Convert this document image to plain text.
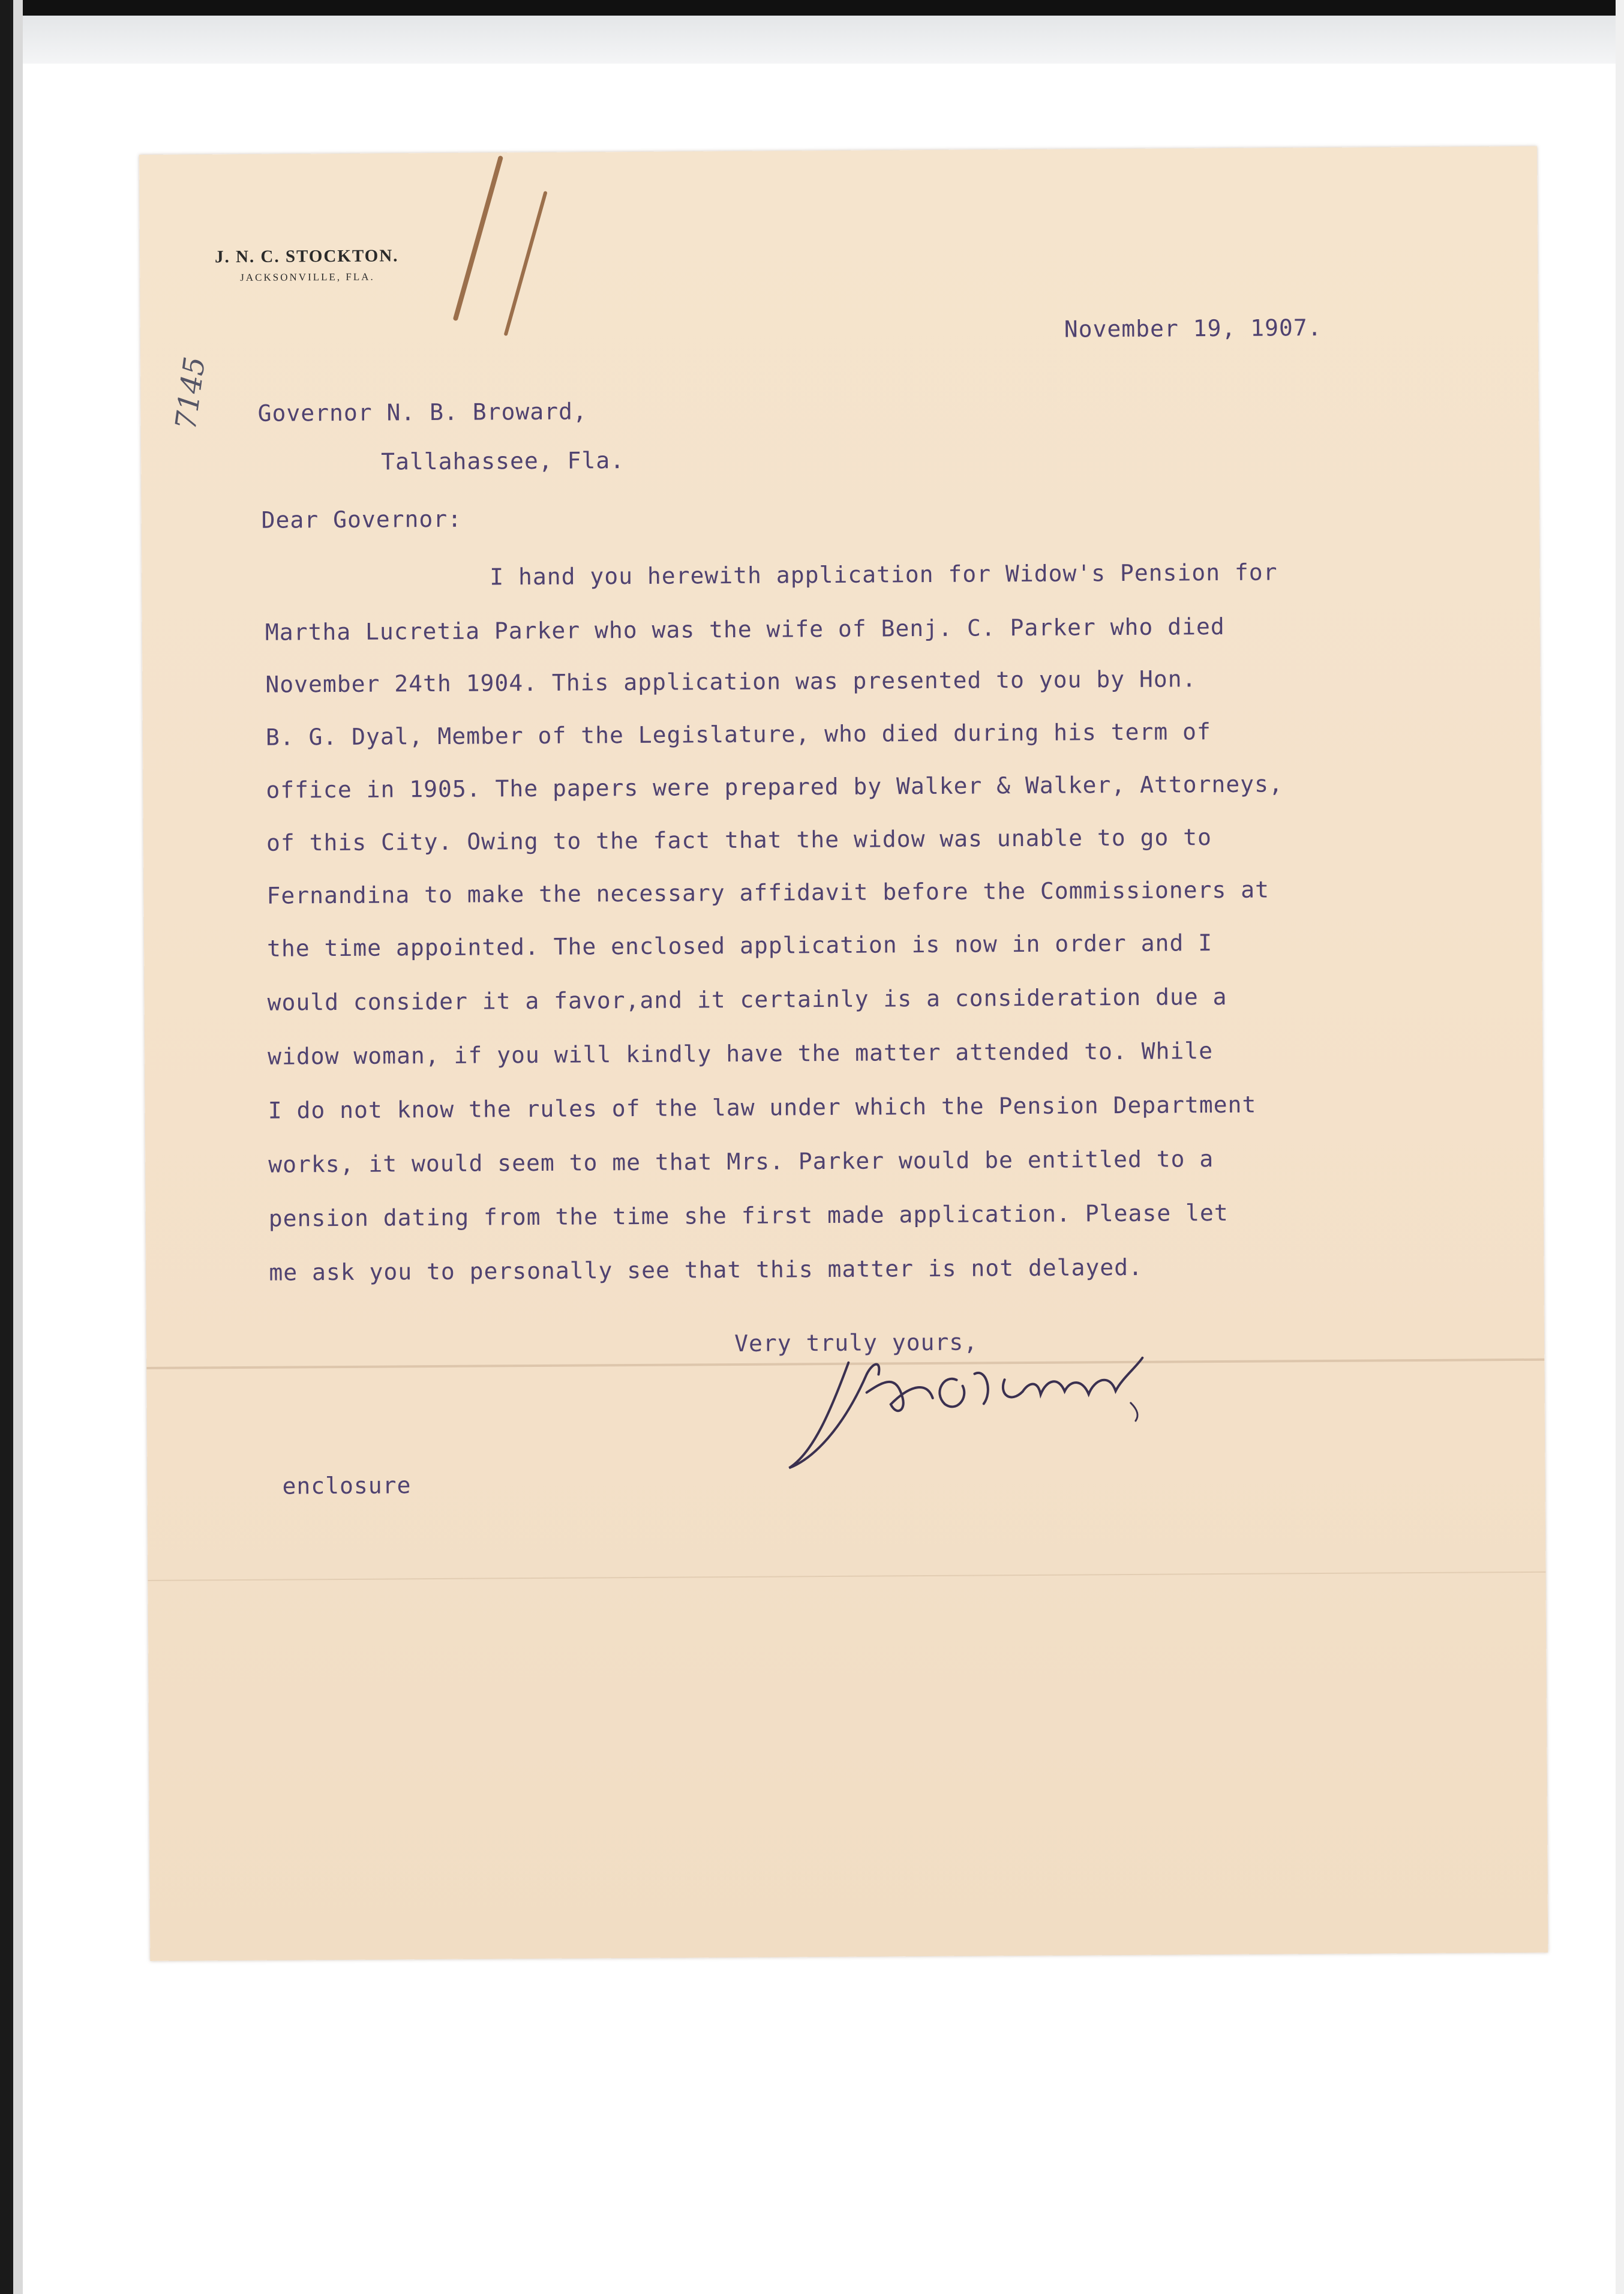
J. N. C. STOCKTON.
JACKSONVILLE, FLA.
7145
November 19, 1907.
Governor N. B. Broward,
Tallahassee, Fla.
Dear Governor:
I hand you herewith application for Widow's Pension for
Martha Lucretia Parker who was the wife of Benj. C. Parker who died
November 24th 1904. This application was presented to you by Hon.
B. G. Dyal, Member of the Legislature, who died during his term of
office in 1905. The papers were prepared by Walker & Walker, Attorneys,
of this City. Owing to the fact that the widow was unable to go to
Fernandina to make the necessary affidavit before the Commissioners at
the time appointed. The enclosed application is now in order and I
would consider it a favor,and it certainly is a consideration due a
widow woman, if you will kindly have the matter attended to. While
I do not know the rules of the law under which the Pension Department
works, it would seem to me that Mrs. Parker would be entitled to a
pension dating from the time she first made application. Please let
me ask you to personally see that this matter is not delayed.
Very truly yours,
enclosure
